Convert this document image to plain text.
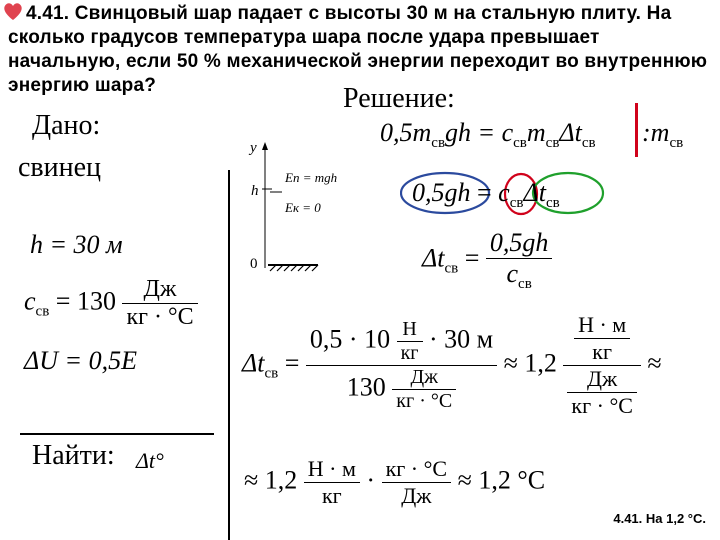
4.41. Свинцовый шар падает с высоты 30 м на стальную плиту. На сколько градусов температура шара после удара превышает начальную, если 50 % механической энергии переходит во внутреннюю энергию шара?
Дано:
свинец
h = 30 м
$c_{св} = 130 \frac{Дж}{кг \cdot ^\circ C}$
ΔU = 0,5E
Найти: Δt°
y
h
0
Eп = mgh
Eк = 0
Решение:
$0,5m_{св}gh = c_{св}m_{св}\Delta t_{св}$ $:m_{св}$
$0,5gh = c_{св}\Delta t_{св}$
$\Delta t_{св} = \frac{0,5gh}{c_{св}}$
$\Delta t_{св} = \frac{0,5 \cdot 10 \frac{Н}{кг} \cdot 30 м}{130 \frac{Дж}{кг \cdot ^\circ C}} \approx 1,2 \frac{\frac{Н \cdot м}{кг}}{\frac{Дж}{кг \cdot ^\circ C}}$ ≈
≈ $1,2 \frac{Н \cdot м}{кг} \cdot \frac{кг \cdot ^\circ C}{Дж} \approx 1,2$ °C
4.41. На 1,2 °C.
